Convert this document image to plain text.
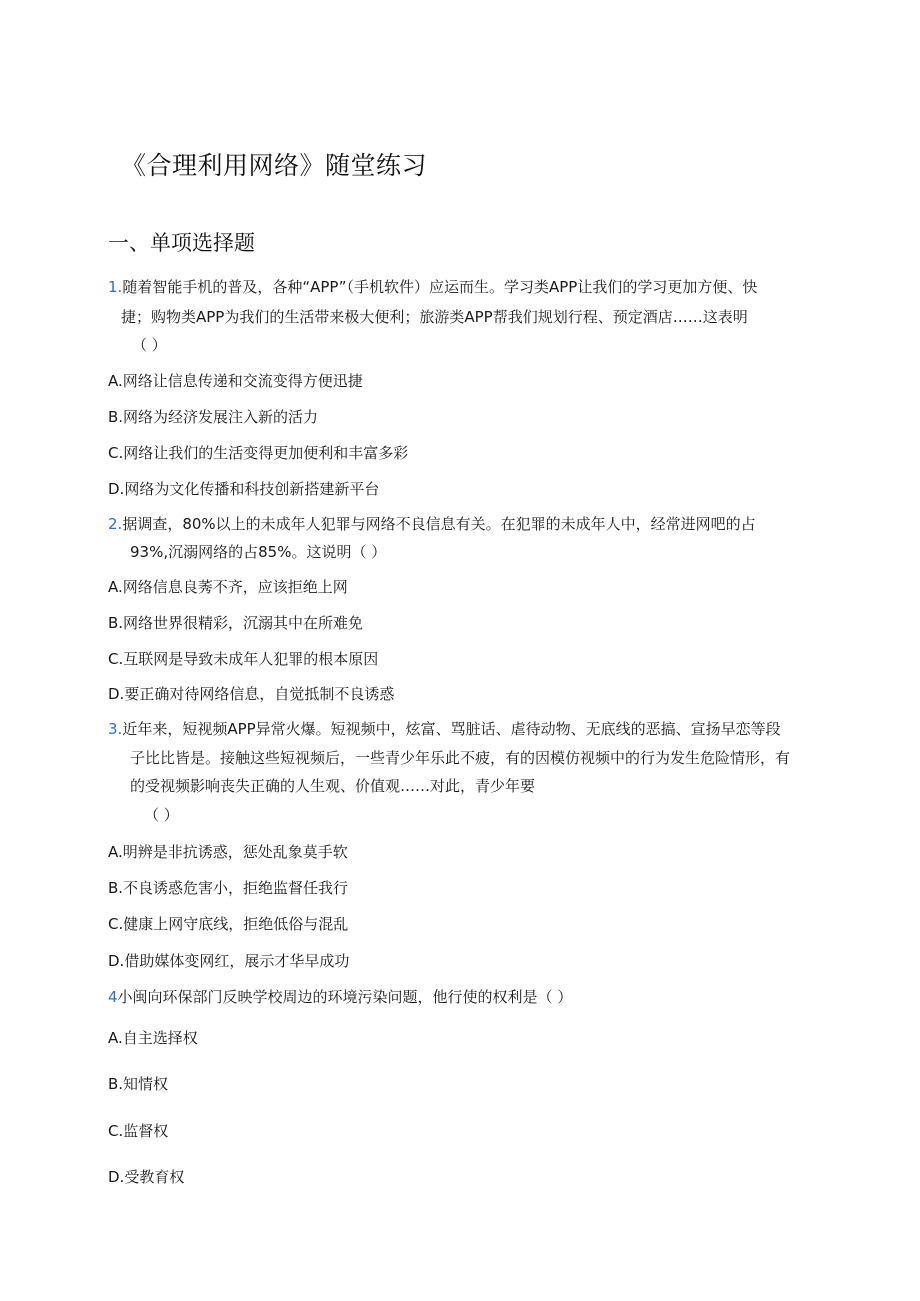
《合理利用网络》随堂练习
一、单项选择题
1.随着智能手机的普及，各种“APP”（手机软件）应运而生。学习类APP让我们的学习更加方便、快
捷；购物类APP为我们的生活带来极大便利；旅游类APP帮我们规划行程、预定酒店……这表明
（ ）
A.网络让信息传递和交流变得方便迅捷
B.网络为经济发展注入新的活力
C.网络让我们的生活变得更加便利和丰富多彩
D.网络为文化传播和科技创新搭建新平台
2.据调查，80%以上的未成年人犯罪与网络不良信息有关。在犯罪的未成年人中，经常进网吧的占
93%,沉溺网络的占85%。这说明（ ）
A.网络信息良莠不齐，应该拒绝上网
B.网络世界很精彩，沉溺其中在所难免
C.互联网是导致未成年人犯罪的根本原因
D.要正确对待网络信息，自觉抵制不良诱惑
3.近年来，短视频APP异常火爆。短视频中，炫富、骂脏话、虐待动物、无底线的恶搞、宣扬早恋等段
子比比皆是。接触这些短视频后，一些青少年乐此不疲，有的因模仿视频中的行为发生危险情形，有
的受视频影响丧失正确的人生观、价值观……对此，青少年要
（ ）
A.明辨是非抗诱惑，惩处乱象莫手软
B.不良诱惑危害小，拒绝监督任我行
C.健康上网守底线，拒绝低俗与混乱
D.借助媒体变网红，展示才华早成功
4小闽向环保部门反映学校周边的环境污染问题，他行使的权利是（ ）
A.自主选择权
B.知情权
C.监督权
D.受教育权
